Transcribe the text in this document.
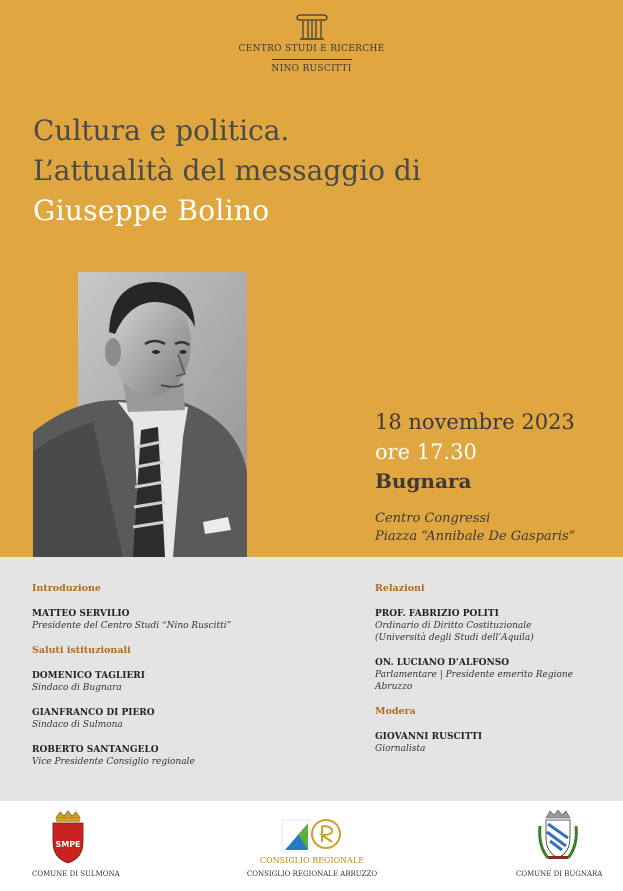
CENTRO STUDI E RICERCHE
NINO RUSCITTI
Cultura e politica.
L’attualità del messaggio di
Giuseppe Bolino
18 novembre 2023
ore 17.30
Bugnara
Centro Congressi
Piazza “Annibale De Gasparis”
Introduzione
MATTEO SERVILIO
Presidente del Centro Studi “Nino Ruscitti”
Saluti istituzionali
DOMENICO TAGLIERI
Sindaco di Bugnara
GIANFRANCO DI PIERO
Sindaco di Sulmona
ROBERTO SANTANGELO
Vice Presidente Consiglio regionale
Relazioni
PROF. FABRIZIO POLITI
Ordinario di Diritto Costituzionale
(Università degli Studi dell’Aquila)
ON. LUCIANO D’ALFONSO
Parlamentare | Presidente emerito Regione
Abruzzo
Modera
GIOVANNI RUSCITTI
Giornalista
SMPE
COMUNE DI SULMONA
CONSIGLIO REGIONALE
CONSIGLIO REGIONALE ABRUZZO	COMUNE DI BUGNARA
